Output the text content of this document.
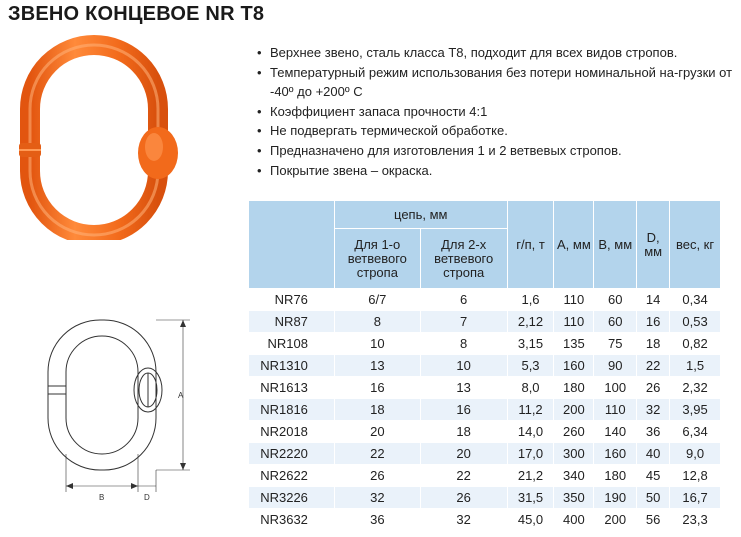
ЗВЕНО КОНЦЕВОЕ NR T8
A
B	D
• Верхнее звено, сталь класса Т8, подходит для всех видов стропов.
• Температурный режим использования без потери номинальной на-грузки от -40º до +200º С
• Коэффициент запаса прочности 4:1
• Не подвергать термической обработке.
• Предназначено для изготовления 1 и 2 ветвевых стропов.
• Покрытие звена – окраска.
	цепь, мм		г/п, т	A, мм	B, мм	D, мм	вес, кг
	Для 1-о ветвевого стропа	Для 2-х ветвевого стропа					
NR76	6/7	6	1,6	110	60	14	0,34
NR87	8	7	2,12	110	60	16	0,53
NR108	10	8	3,15	135	75	18	0,82
NR1310	13	10	5,3	160	90	22	1,5
NR1613	16	13	8,0	180	100	26	2,32
NR1816	18	16	11,2	200	110	32	3,95
NR2018	20	18	14,0	260	140	36	6,34
NR2220	22	20	17,0	300	160	40	9,0
NR2622	26	22	21,2	340	180	45	12,8
NR3226	32	26	31,5	350	190	50	16,7
NR3632	36	32	45,0	400	200	56	23,3
